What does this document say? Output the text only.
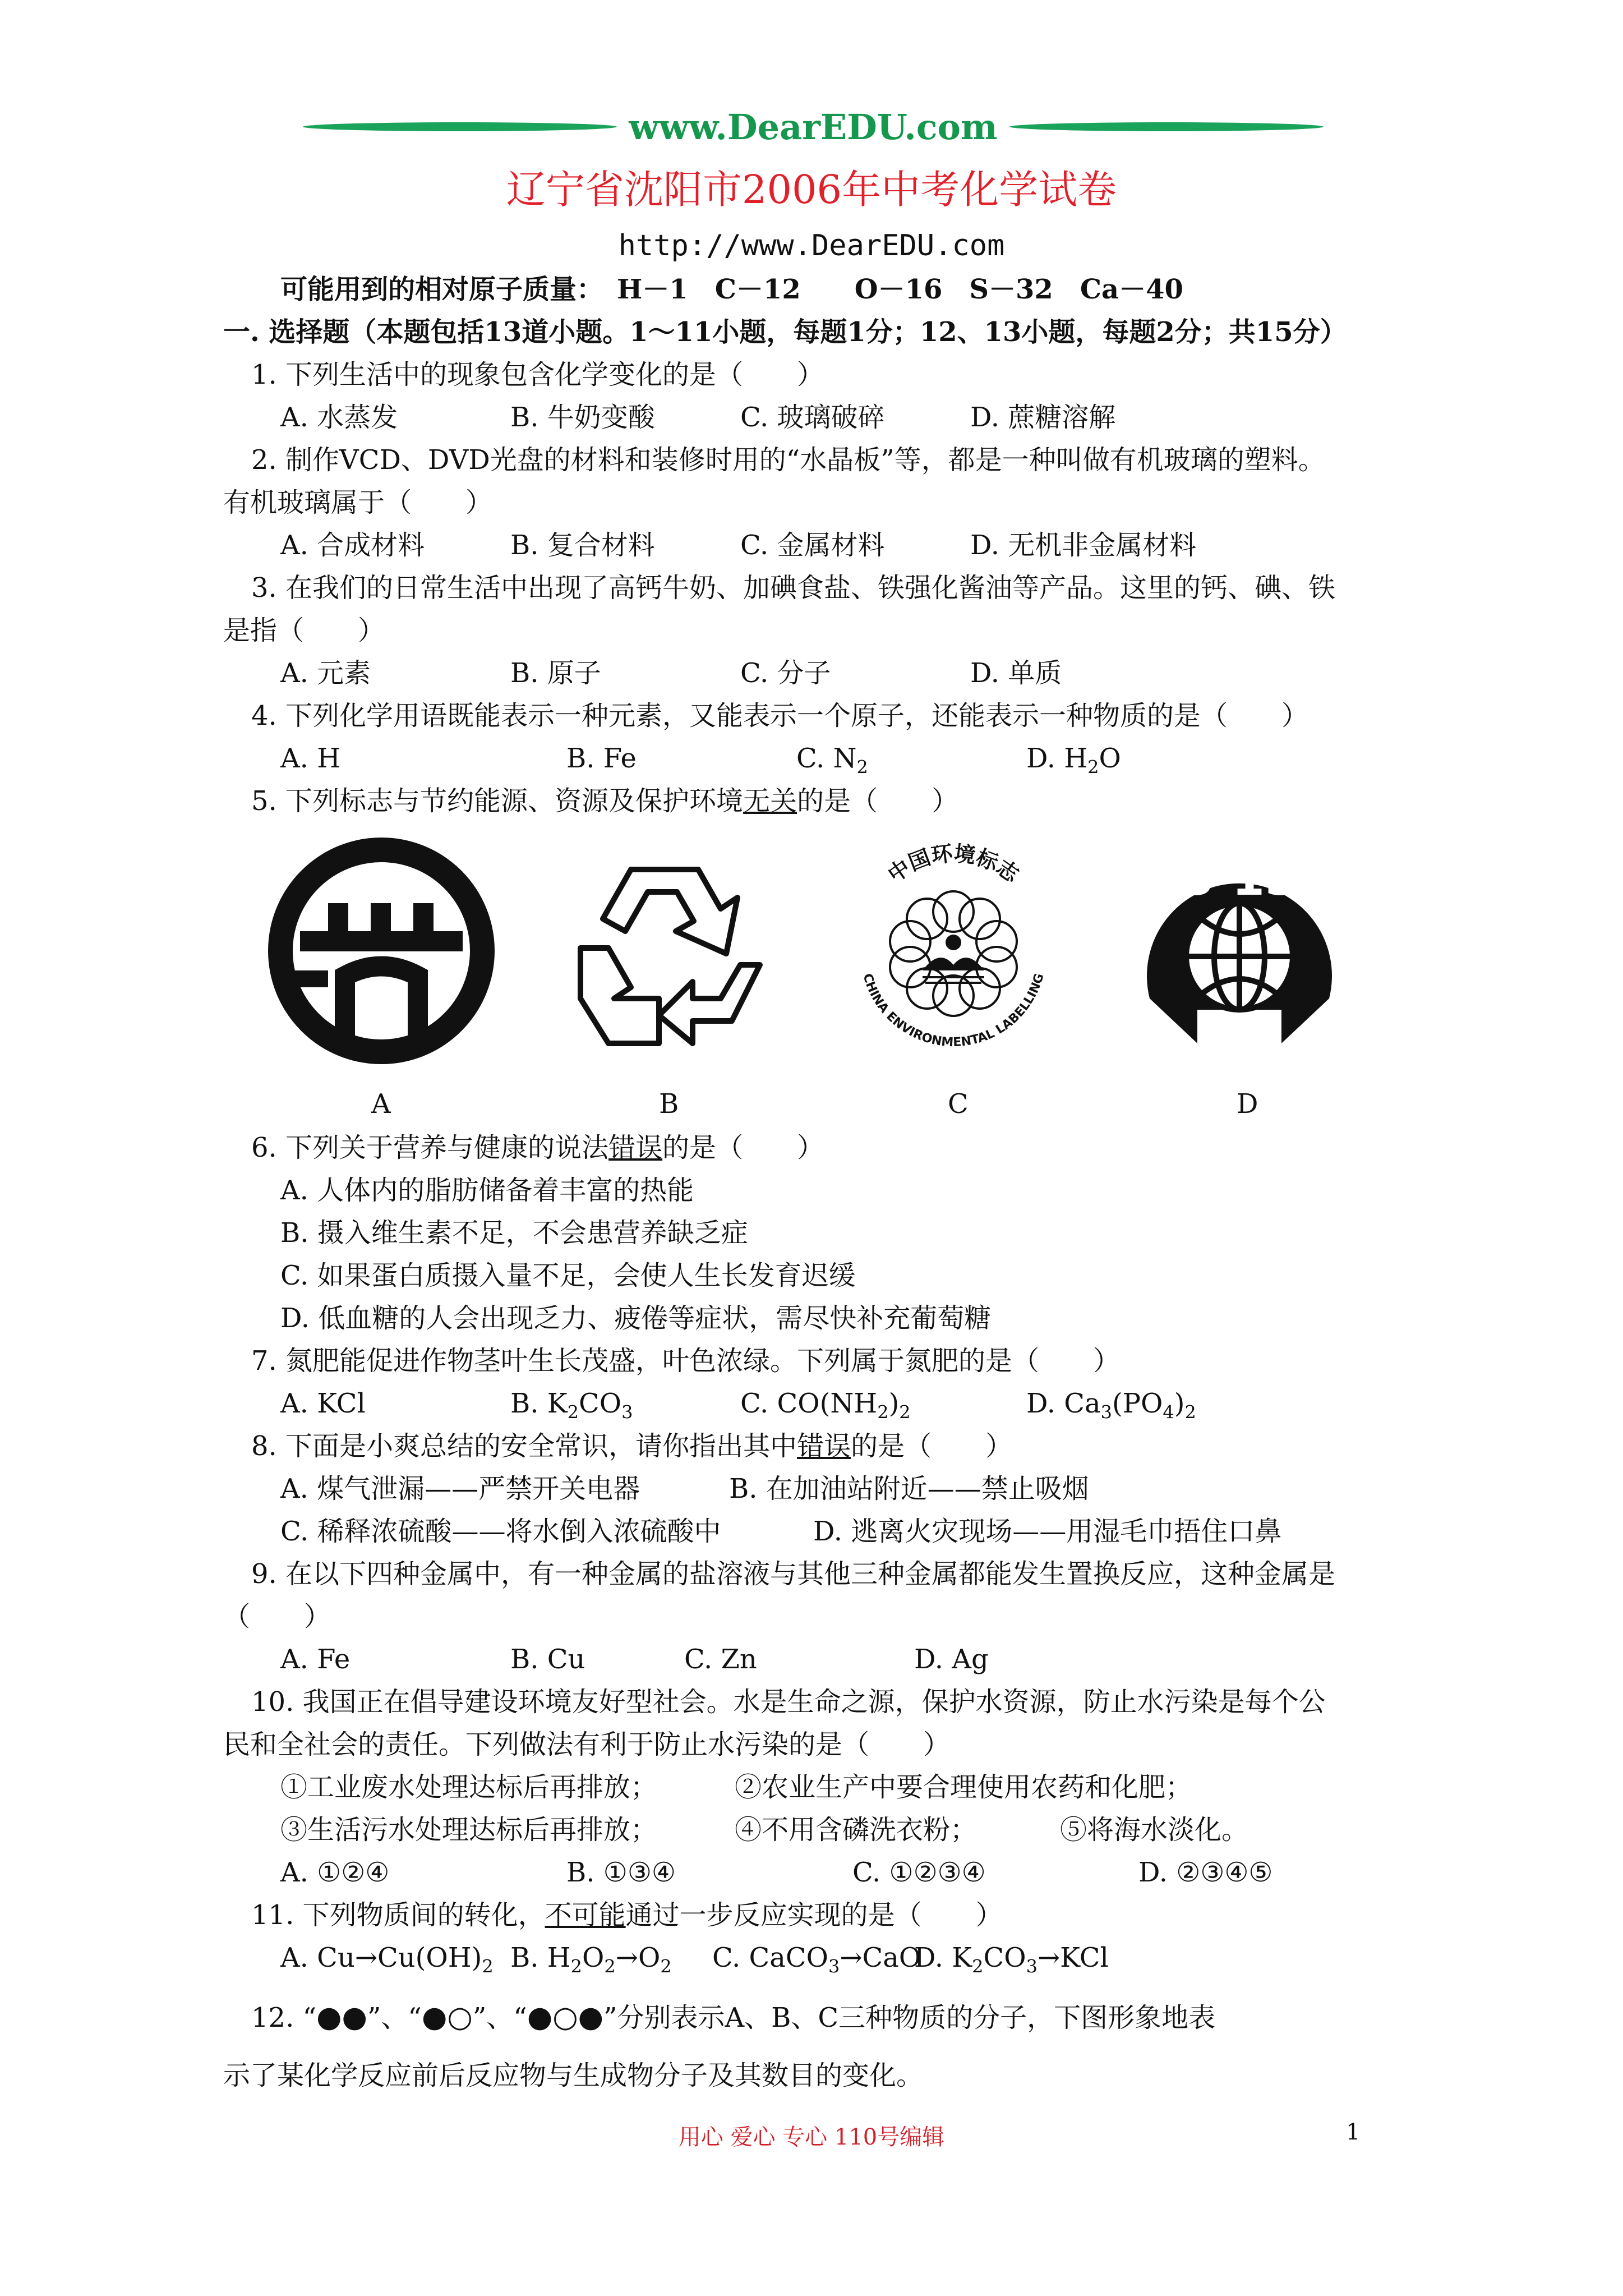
www.DearEDU.com
辽宁省沈阳市2006年中考化学试卷
http://www.DearEDU.com
可能用到的相对原子质量：　H－1　C－12　　O－16　S－32　Ca－40
一. 选择题（本题包括13道小题。1～11小题，每题1分；12、13小题，每题2分；共15分）
1. 下列生活中的现象包含化学变化的是（　　）
A. 水蒸发	B. 牛奶变酸	C. 玻璃破碎	D. 蔗糖溶解
2. 制作VCD、DVD光盘的材料和装修时用的“水晶板”等，都是一种叫做有机玻璃的塑料。
有机玻璃属于（　　）
A. 合成材料	B. 复合材料	C. 金属材料	D. 无机非金属材料
3. 在我们的日常生活中出现了高钙牛奶、加碘食盐、铁强化酱油等产品。这里的钙、碘、铁
是指（　　）
A. 元素	B. 原子	C. 分子	D. 单质
4. 下列化学用语既能表示一种元素，又能表示一个原子，还能表示一种物质的是（　　）
A. H	B. Fe	C. $N_2$	D. $H_2O$
5. 下列标志与节约能源、资源及保护环境无关的是（　　）
中国环境标志
CHINA ENVIRONMENTAL LABELLING
3·15
A	B	C	D
6. 下列关于营养与健康的说法错误的是（　　）
A. 人体内的脂肪储备着丰富的热能
B. 摄入维生素不足，不会患营养缺乏症
C. 如果蛋白质摄入量不足，会使人生长发育迟缓
D. 低血糖的人会出现乏力、疲倦等症状，需尽快补充葡萄糖
7. 氮肥能促进作物茎叶生长茂盛，叶色浓绿。下列属于氮肥的是（　　）
A. KCl	B. $K_2CO_3$	C. $CO(NH_2)_2$	D. $Ca_3(PO_4)_2$
8. 下面是小爽总结的安全常识，请你指出其中错误的是（　　）
A. 煤气泄漏——严禁开关电器	B. 在加油站附近——禁止吸烟
C. 稀释浓硫酸——将水倒入浓硫酸中	D. 逃离火灾现场——用湿毛巾捂住口鼻
9. 在以下四种金属中，有一种金属的盐溶液与其他三种金属都能发生置换反应，这种金属是
（　　）
A. Fe	B. Cu	C. Zn	D. Ag
10. 我国正在倡导建设环境友好型社会。水是生命之源，保护水资源，防止水污染是每个公
民和全社会的责任。下列做法有利于防止水污染的是（　　）
①工业废水处理达标后再排放；	②农业生产中要合理使用农药和化肥；
③生活污水处理达标后再排放；	④不用含磷洗衣粉；	⑤将海水淡化。
A. ①②④	B. ①③④	C. ①②③④	D. ②③④⑤
11. 下列物质间的转化，不可能通过一步反应实现的是（　　）
A. $Cu\to Cu(OH)_2$ B. $H_2O_2\to O_2$ C. CaCO$_3$→CaO
D. $K_2CO_3\to KCl$
12. “●●”、“●○”、“●○●”分别表示A、B、C三种物质的分子，下图形象地表
示了某化学反应前后反应物与生成物分子及其数目的变化。
用心 爱心 专心 110号编辑	1
